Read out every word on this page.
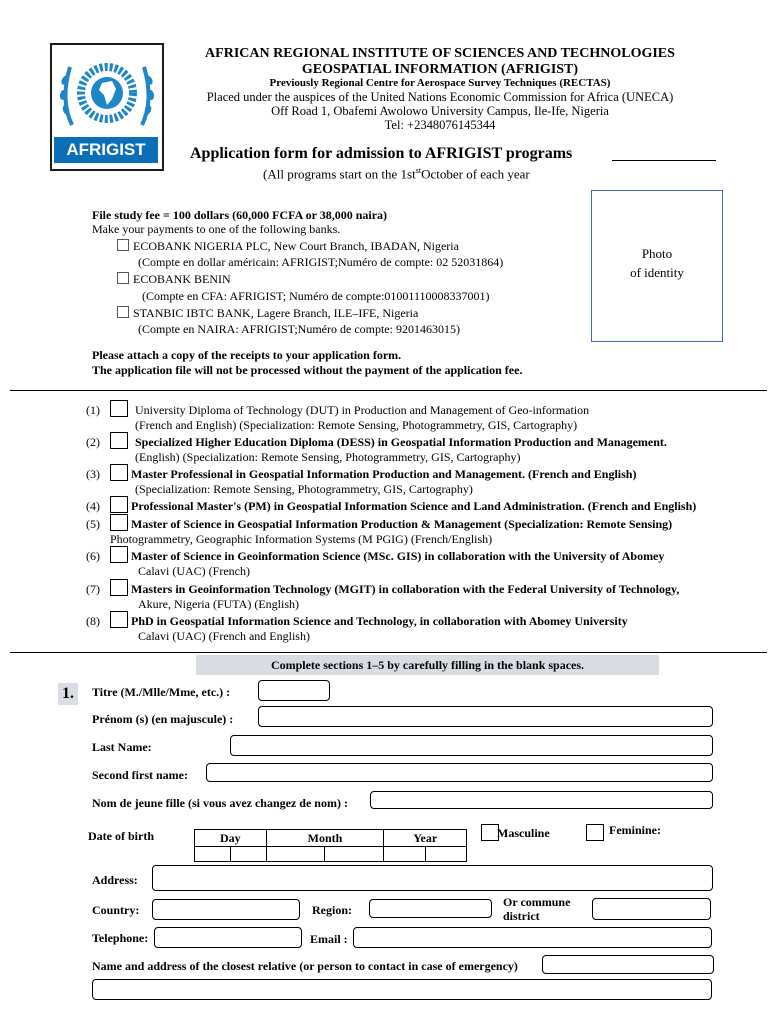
AFRIGIST
AFRICAN REGIONAL INSTITUTE OF SCIENCES AND TECHNOLOGIES
GEOSPATIAL INFORMATION (AFRIGIST)
Previously Regional Centre for Aerospace Survey Techniques (RECTAS)
Placed under the auspices of the United Nations Economic Commission for Africa (UNECA)
Off Road 1, Obafemi Awolowo University Campus, Ile-Ife, Nigeria
Tel: +2348076145344
Application form for admission to AFRIGIST programs
(All programs start on the $1st^{st}October$ of each year
Photo
of identity
File study fee = 100 dollars (60,000 FCFA or 38,000 naira)
Make your payments to one of the following banks.
ECOBANK NIGERIA PLC, New Court Branch, IBADAN, Nigeria
(Compte en dollar américain: AFRIGIST;Numéro de compte: 02 52031864)
ECOBANK BENIN
(Compte en CFA: AFRIGIST; Numéro de compte:01001110008337001)
STANBIC IBTC BANK, Lagere Branch, ILE–IFE, Nigeria
(Compte en NAIRA: AFRIGIST;Numéro de compte: 9201463015)
Please attach a copy of the receipts to your application form.
The application file will not be processed without the payment of the application fee.
(1)	University Diploma of Technology (DUT) in Production and Management of Geo-information
(French and English) (Specialization: Remote Sensing, Photogrammetry, GIS, Cartography)
(2)	Specialized Higher Education Diploma (DESS) in Geospatial Information Production and Management.
(English) (Specialization: Remote Sensing, Photogrammetry, GIS, Cartography)
(3)	Master Professional in Geospatial Information Production and Management. (French and English)
(Specialization: Remote Sensing, Photogrammetry, GIS, Cartography)
(4)	Professional Master's (PM) in Geospatial Information Science and Land Administration. (French and English)
(5)	Master of Science in Geospatial Information Production & Management (Specialization: Remote Sensing)
Photogrammetry, Geographic Information Systems (M PGIG) (French/English)
(6)	Master of Science in Geoinformation Science (MSc. GIS) in collaboration with the University of Abomey
Calavi (UAC) (French)
(7)	Masters in Geoinformation Technology (MGIT) in collaboration with the Federal University of Technology,
Akure, Nigeria (FUTA) (English)
(8)	PhD in Geospatial Information Science and Technology, in collaboration with Abomey University
Calavi (UAC) (French and English)
Complete sections 1–5 by carefully filling in the blank spaces.
1.	Titre (M./Mlle/Mme, etc.) :
Prénom (s) (en majuscule) :
Last Name:
Second first name:
Nom de jeune fille (si vous avez changez de nom) :
Date of birth	Day		Month		Year	
						Masculine	Feminine:
Address:
Country:	Region:
Or commune
district
Telephone:	Email :
Name and address of the closest relative (or person to contact in case of emergency)
